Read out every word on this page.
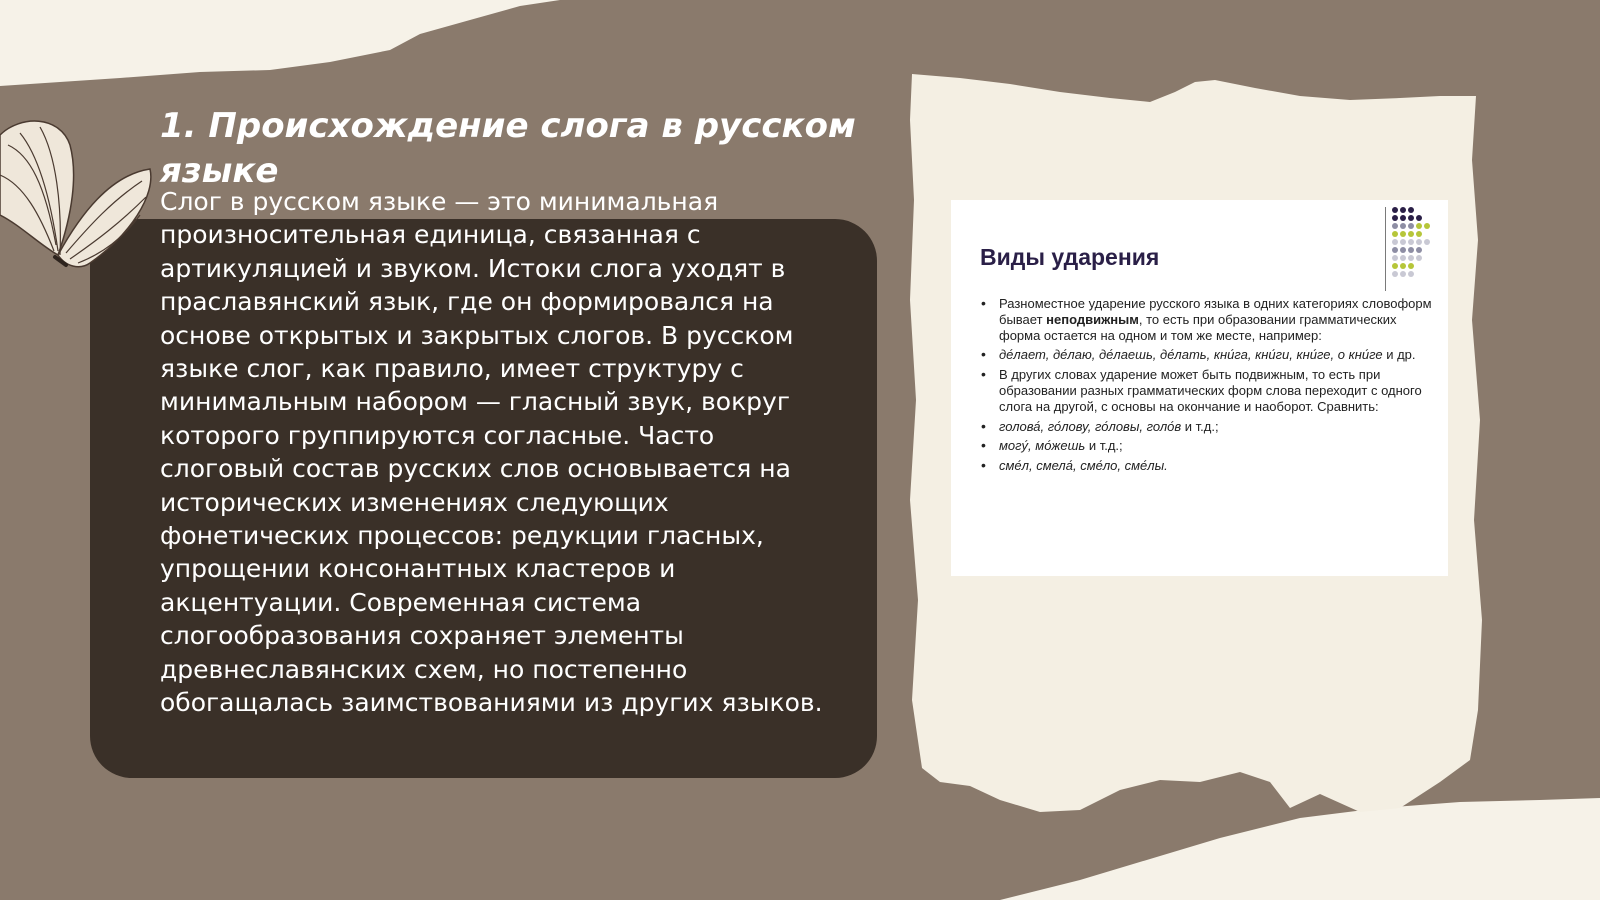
1. Происхождение слога в русском языке

Слог в русском языке — это минимальная произносительная единица, связанная с артикуляцией и звуком. Истоки слога уходят в праславянский язык, где он формировался на основе открытых и закрытых слогов. В русском языке слог, как правило, имеет структуру с минимальным набором — гласный звук, вокруг которого группируются согласные. Часто слоговый состав русских слов основывается на исторических изменениях следующих фонетических процессов: редукции гласных, упрощении консонантных кластеров и акцентуации. Современная система слогообразования сохраняет элементы древнеславянских схем, но постепенно обогащалась заимствованиями из других языков.

Виды ударения
• Разноместное ударение русского языка в одних категориях словоформ бывает неподвижным, то есть при образовании грамматических форма остается на одном и том же месте, например:
• де́лает, де́лаю, де́лаешь, де́лать, кни́га, кни́ги, кни́ге, о кни́ге и др.
• В других словах ударение может быть подвижным, то есть при образовании разных грамматических форм слова переходит с одного слога на другой, с основы на окончание и наоборот. Сравнить:
• голова́, го́лову, го́ловы, голо́в и т.д.;
• могу́, мо́жешь и т.д.;
• сме́л, смела́, сме́ло, сме́лы.
